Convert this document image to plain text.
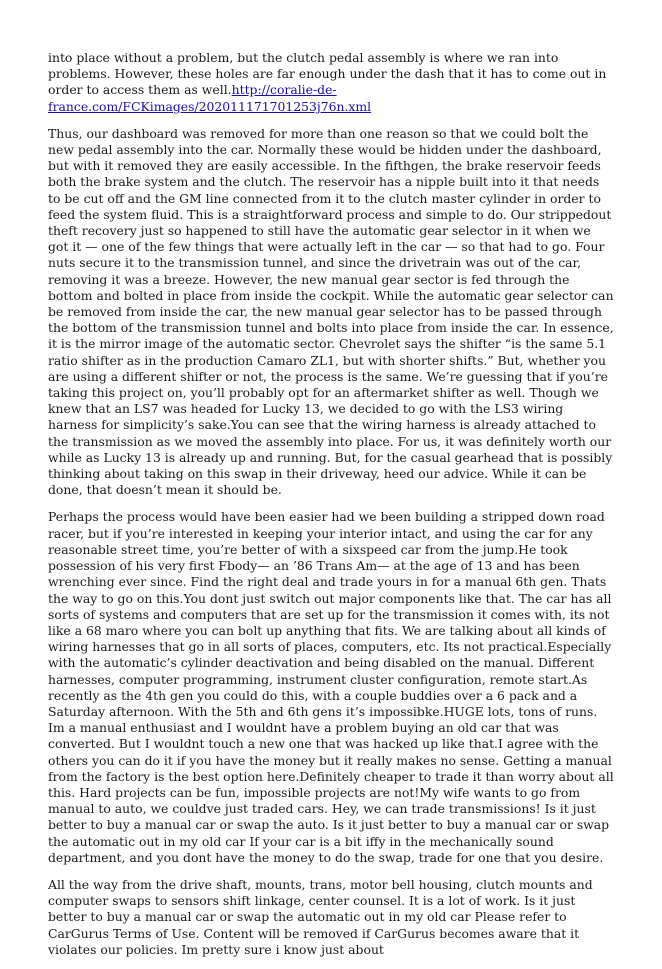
into place without a problem, but the clutch pedal assembly is where we ran into problems. However, these holes are far enough under the dash that it has to come out in order to access them as well.http://coralie-de-france.com/FCKimages/202011171701253j76n.xml

Thus, our dashboard was removed for more than one reason so that we could bolt the new pedal assembly into the car. Normally these would be hidden under the dashboard, but with it removed they are easily accessible. In the fifthgen, the brake reservoir feeds both the brake system and the clutch. The reservoir has a nipple built into it that needs to be cut off and the GM line connected from it to the clutch master cylinder in order to feed the system fluid. This is a straightforward process and simple to do. Our strippedout theft recovery just so happened to still have the automatic gear selector in it when we got it — one of the few things that were actually left in the car — so that had to go. Four nuts secure it to the transmission tunnel, and since the drivetrain was out of the car, removing it was a breeze. However, the new manual gear sector is fed through the bottom and bolted in place from inside the cockpit. While the automatic gear selector can be removed from inside the car, the new manual gear selector has to be passed through the bottom of the transmission tunnel and bolts into place from inside the car. In essence, it is the mirror image of the automatic sector. Chevrolet says the shifter “is the same 5.1 ratio shifter as in the production Camaro ZL1, but with shorter shifts.” But, whether you are using a different shifter or not, the process is the same. We’re guessing that if you’re taking this project on, you’ll probably opt for an aftermarket shifter as well. Though we knew that an LS7 was headed for Lucky 13, we decided to go with the LS3 wiring harness for simplicity’s sake.You can see that the wiring harness is already attached to the transmission as we moved the assembly into place. For us, it was definitely worth our while as Lucky 13 is already up and running. But, for the casual gearhead that is possibly thinking about taking on this swap in their driveway, heed our advice. While it can be done, that doesn’t mean it should be.

Perhaps the process would have been easier had we been building a stripped down road racer, but if you’re interested in keeping your interior intact, and using the car for any reasonable street time, you’re better of with a sixspeed car from the jump.He took possession of his very first Fbody— an ’86 Trans Am— at the age of 13 and has been wrenching ever since. Find the right deal and trade yours in for a manual 6th gen. Thats the way to go on this.You dont just switch out major components like that. The car has all sorts of systems and computers that are set up for the transmission it comes with, its not like a 68 maro where you can bolt up anything that fits. We are talking about all kinds of wiring harnesses that go in all sorts of places, computers, etc. Its not practical.Especially with the automatic’s cylinder deactivation and being disabled on the manual. Different harnesses, computer programming, instrument cluster configuration, remote start.As recently as the 4th gen you could do this, with a couple buddies over a 6 pack and a Saturday afternoon. With the 5th and 6th gens it’s impossibke.HUGE lots, tons of runs. Im a manual enthusiast and I wouldnt have a problem buying an old car that was converted. But I wouldnt touch a new one that was hacked up like that.I agree with the others you can do it if you have the money but it really makes no sense. Getting a manual from the factory is the best option here.Definitely cheaper to trade it than worry about all this. Hard projects can be fun, impossible projects are not!My wife wants to go from manual to auto, we couldve just traded cars. Hey, we can trade transmissions! Is it just better to buy a manual car or swap the auto. Is it just better to buy a manual car or swap the automatic out in my old car If your car is a bit iffy in the mechanically sound department, and you dont have the money to do the swap, trade for one that you desire.

All the way from the drive shaft, mounts, trans, motor bell housing, clutch mounts and computer swaps to sensors shift linkage, center counsel. It is a lot of work. Is it just better to buy a manual car or swap the automatic out in my old car Please refer to CarGurus Terms of Use. Content will be removed if CarGurus becomes aware that it violates our policies. Im pretty sure i know just about
